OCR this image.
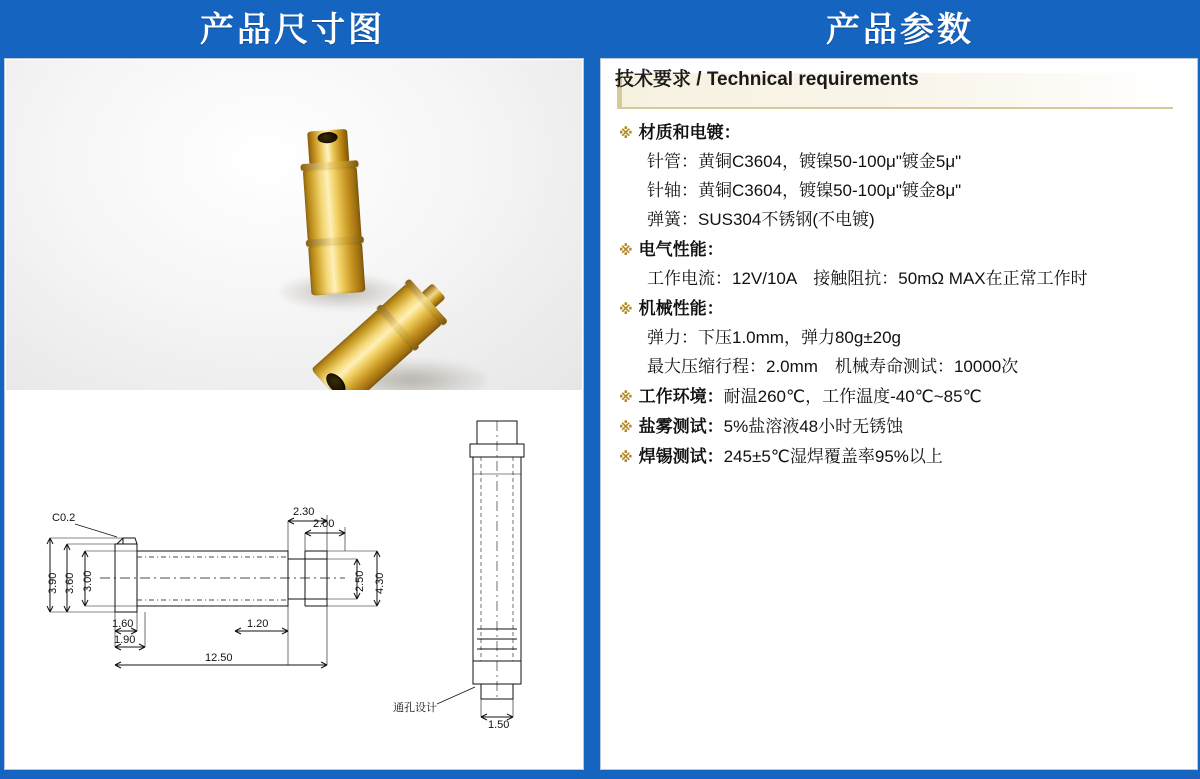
产品尺寸图	产品参数
C0.2
3.90 3.60 3.00
1.60
1.90
1.20
12.50
2.30
2.00
2.50 4.30
1.50
通孔设计
技术要求 / Technical requirements
※ 材质和电镀：
针管：黄铜C3604，镀镍50-100μ"镀金5μ"
针轴：黄铜C3604，镀镍50-100μ"镀金8μ"
弹簧：SUS304不锈钢(不电镀)
※ 电气性能：
工作电流：12V/10A　接触阻抗：50mΩ MAX在正常工作时
※ 机械性能：
弹力：下压1.0mm，弹力80g±20g
最大压缩行程：2.0mm　机械寿命测试：10000次
※ 工作环境： 耐温260℃，工作温度-40℃~85℃
※ 盐雾测试： 5%盐溶液48小时无锈蚀
※ 焊锡测试： 245±5℃湿焊覆盖率95%以上
